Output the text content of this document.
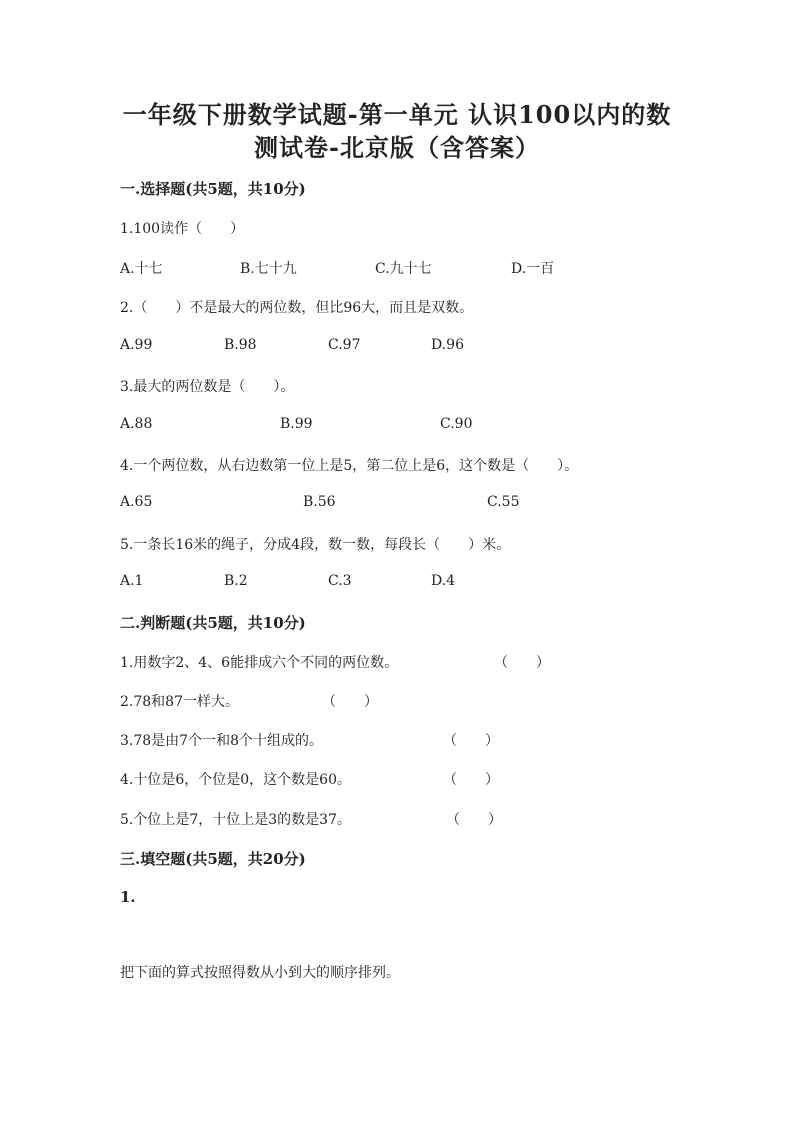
一年级下册数学试题-第一单元 认识100以内的数
测试卷-北京版（含答案）
一.选择题(共5题，共10分)
1.100读作（　　）
A.十七	B.七十九	C.九十七	D.一百
2.（　　）不是最大的两位数，但比96大，而且是双数。
A.99	B.98	C.97	D.96
3.最大的两位数是（　　）。
A.88	B.99	C.90
4.一个两位数，从右边数第一位上是5，第二位上是6，这个数是（　　）。
A.65	B.56	C.55
5.一条长16米的绳子，分成4段，数一数，每段长（　　）米。
A.1	B.2	C.3	D.4
二.判断题(共5题，共10分)
1.用数字2、4、6能排成六个不同的两位数。	（　　）
2.78和87一样大。	（　　）
3.78是由7个一和8个十组成的。	（　　）
4.十位是6，个位是0，这个数是60。	（　　）
5.个位上是7，十位上是3的数是37。	（　　）
三.填空题(共5题，共20分)
1.
把下面的算式按照得数从小到大的顺序排列。
